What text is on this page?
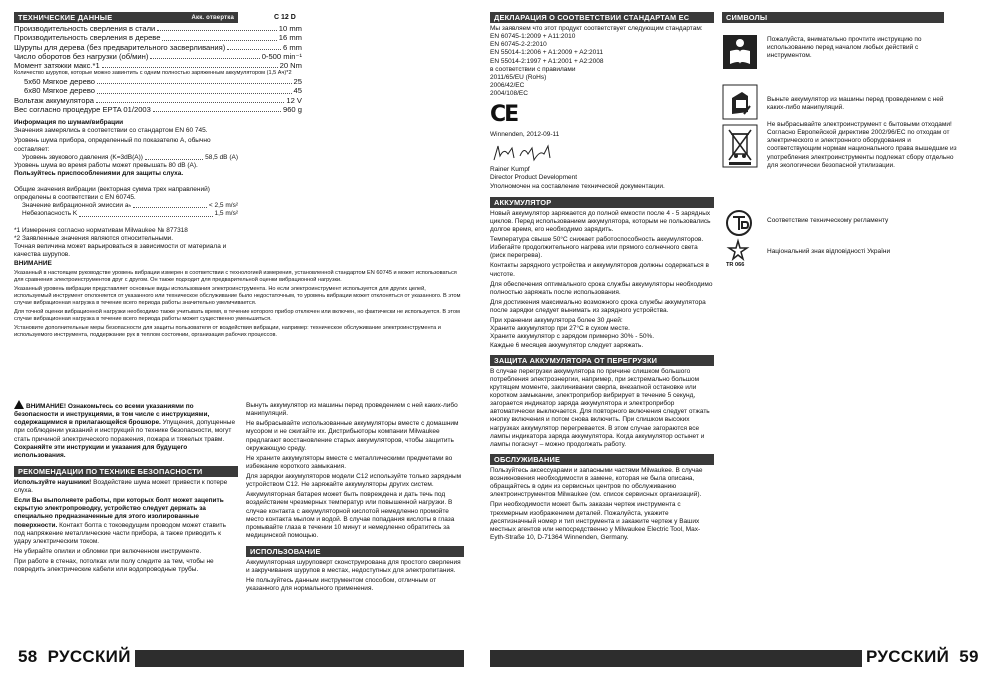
ТЕХНИЧЕСКИЕ ДАННЫЕ	Акк. отвертка	C 12 D
Производительность сверления в стали	10 mm
Производительность сверления в дереве	16 mm
Шурупы для дерева (без предварительного засверливания)	6 mm
Число оборотов без нагрузки (об/мин)	0-500 min⁻¹
Момент затяжки макс.*1	20 Nm
Количество шурупов, которые можно завинтить с одним полностью заряженным аккумулятором (1,5 Ач)*2
5x60 Мягкое дерево	25
6x80 Мягкое дерево	45
Вольтаж аккумулятора	12 V
Вес согласно процедуре EPTA 01/2003	960 g
Информация по шумам/вибрации
Значения замерялись в соответствии со стандартом EN 60 745.
Уровень шума прибора, определенный по показателю А, обычно составляет:
Уровень звукового давления (K=3dB(A))	58,5 dB (A)
Уровень шума во время работы может превышать 80 dB (A).
Пользуйтесь приспособлениями для защиты слуха.
Общие значения вибрации (векторная сумма трех направлений) определены в соответствии с EN 60745.
Значение вибрационной эмиссии aₕ	< 2,5 m/s²
Небезопасность K	1,5 m/s²
*1 Измерения согласно нормативам Milwaukee № 877318
*2 Заявленные значения являются относительными.
Точная величина может варьироваться в зависимости от материала и качества шурупов.
ВНИМАНИЕ
Указанный в настоящем руководстве уровень вибрации измерен в соответствии с технологией измерения, установленной стандартом EN 60745 и может использоваться для сравнения электроинструментов друг с другом. Он также подходит для предварительной оценки вибрационной нагрузки.
Указанный уровень вибрации представляет основные виды использования электроинструмента. Но если электроинструмент используется для других целей, используемый инструмент отклоняется от указанного или техническое обслуживание было недостаточным, то уровень вибрации может отклоняться от указанного. В этом случае вибрационная нагрузка в течение всего периода работы значительно увеличивается.
Для точной оценки вибрационной нагрузки необходимо также учитывать время, в течение которого прибор отключен или включен, но фактически не используется. В этом случае вибрационная нагрузка в течение всего периода работы может существенно уменьшиться.
Установите дополнительные меры безопасности для защиты пользователя от воздействия вибрации, например: техническое обслуживание электроинструмента и используемого инструмента, поддержание рук в теплом состоянии, организация рабочих процессов.
ВНИМАНИЕ! Ознакомьтесь со всеми указаниями по безопасности и инструкциями, в том числе с инструкциями, содержащимися в прилагающейся брошюре. Упущения, допущенные при соблюдении указаний и инструкций по технике безопасности, могут стать причиной электрического поражения, пожара и тяжелых травм.
Сохраняйте эти инструкции и указания для будущего использования.
РЕКОМЕНДАЦИИ ПО ТЕХНИКЕ БЕЗОПАСНОСТИ
Используйте наушники! Воздействие шума может привести к потере слуха.
Если Вы выполняете работы, при которых болт может зацепить скрытую электропроводку, устройство следует держать за специально предназначенные для этого изолированные поверхности. Контакт болта с токоведущим проводом может ставить под напряжение металлические части прибора, а также приводить к удару электрическим током.
Не убирайте опилки и обломки при включенном инструменте.
При работе в стенах, потолках или полу следите за тем, чтобы не повредить электрические кабели или водопроводные трубы.
Вынуть аккумулятор из машины перед проведением с ней каких-либо манипуляций.
Не выбрасывайте использованные аккумуляторы вместе с домашним мусором и не сжигайте их. Дистрибьюторы компании Milwaukee предлагают восстановление старых аккумуляторов, чтобы защитить окружающую среду.
Не храните аккумуляторы вместе с металлическими предметами во избежание короткого замыкания.
Для зарядки аккумуляторов модели C12 используйте только зарядным устройством C12. Не заряжайте аккумуляторы других систем.
Аккумуляторная батарея может быть повреждена и дать течь под воздействием чрезмерных температур или повышенной нагрузки. В случае контакта с аккумуляторной кислотой немедленно промойте место контакта мылом и водой. В случае попадания кислоты в глаза промывайте глаза в течении 10 минут и немедленно обратитесь за медицинской помощью.
ИСПОЛЬЗОВАНИЕ
Аккумуляторная шуруповерт сконструирована для простого сверления и закручивания шурупов в местах, недоступных для электропитания.
Не пользуйтесь данным инструментом способом, отличным от указанного для нормального применения.
58 РУССКИЙ
ДЕКЛАРАЦИЯ О СООТВЕТСТВИИ СТАНДАРТАМ ЕС
Мы заявляем что этот продукт соответствует следующим стандартам:
EN 60745-1:2009 + A11:2010
EN 60745-2-2:2010
EN 55014-1:2006 + A1:2009 + A2:2011
EN 55014-2:1997 + A1:2001 + A2:2008
в соответствии с правилами
2011/65/EU (RoHs)
2006/42/EC
2004/108/EC
CE
Winnenden, 2012-09-11
Rainer Kumpf
Director Product Development
Уполномочен на составление технической документации.
АККУМУЛЯТОР
Новый аккумулятор заряжается до полной емкости после 4 - 5 зарядных циклов. Перед использованием аккумулятора, которым не пользовались долгое время, его необходимо зарядить.
Температура свыше 50°С снижает работоспособность аккумуляторов. Избегайте продолжительного нагрева или прямого солнечного света (риск перегрева).
Контакты зарядного устройства и аккумуляторов должны содержаться в чистоте.
Для обеспечения оптимального срока службы аккумуляторы необходимо полностью заряжать после использования.
Для достижения максимально возможного срока службы аккумулятора после зарядки следует вынимать из зарядного устройства.
При хранении аккумулятора более 30 дней:
Храните аккумулятор при 27°С в сухом месте.
Храните аккумулятор с зарядом примерно 30% - 50%.
Каждые 6 месяцев аккумулятор следует заряжать.
ЗАЩИТА АККУМУЛЯТОРА ОТ ПЕРЕГРУЗКИ
В случае перегрузки аккумулятора по причине слишком большого потребления электроэнергии, например, при экстремально большом крутящем моменте, заклинивании сверла, внезапной остановке или коротком замыкании, электроприбор вибрирует в течение 5 секунд, загорается индикатор заряда аккумулятора и электроприбор автоматически выключается. Для повторного включения следует отжать кнопку включения и потом снова включить. При слишком высоких нагрузках аккумулятор перегревается. В этом случае загораются все лампы индикатора заряда аккумулятора. Когда аккумулятор остынет и лампы погаснут – можно продолжать работу.
ОБСЛУЖИВАНИЕ
Пользуйтесь аксессуарами и запасными частями Milwaukee. В случае возникновения необходимости в замене, которая не была описана, обращайтесь в один из сервисных центров по обслуживанию электроинструментов Milwaukee (см. список сервисных организаций).
При необходимости может быть заказан чертеж инструмента с трехмерным изображением деталей. Пожалуйста, укажите десятизначный номер и тип инструмента и закажите чертеж у Ваших местных агентов или непосредственно у Milwaukee Electric Tool, Max-Eyth-Straße 10, D-71364 Winnenden, Germany.
СИМВОЛЫ
Пожалуйста, внимательно прочтите инструкцию по использованию перед началом любых действий с инструментом.
Выньте аккумулятор из машины перед проведением с ней каких-либо манипуляций.
Не выбрасывайте электроинструмент с бытовыми отходами! Согласно Европейской директиве 2002/96/ЕС по отходам от электрического и электронного оборудования и соответствующим нормам национального права вышедшие из употребления электроинструменты подлежат сбору отдельно для экологически безопасной утилизации.
Соответствие техническому регламенту
TR 066
Національний знак відповідності України
РУССКИЙ 59
